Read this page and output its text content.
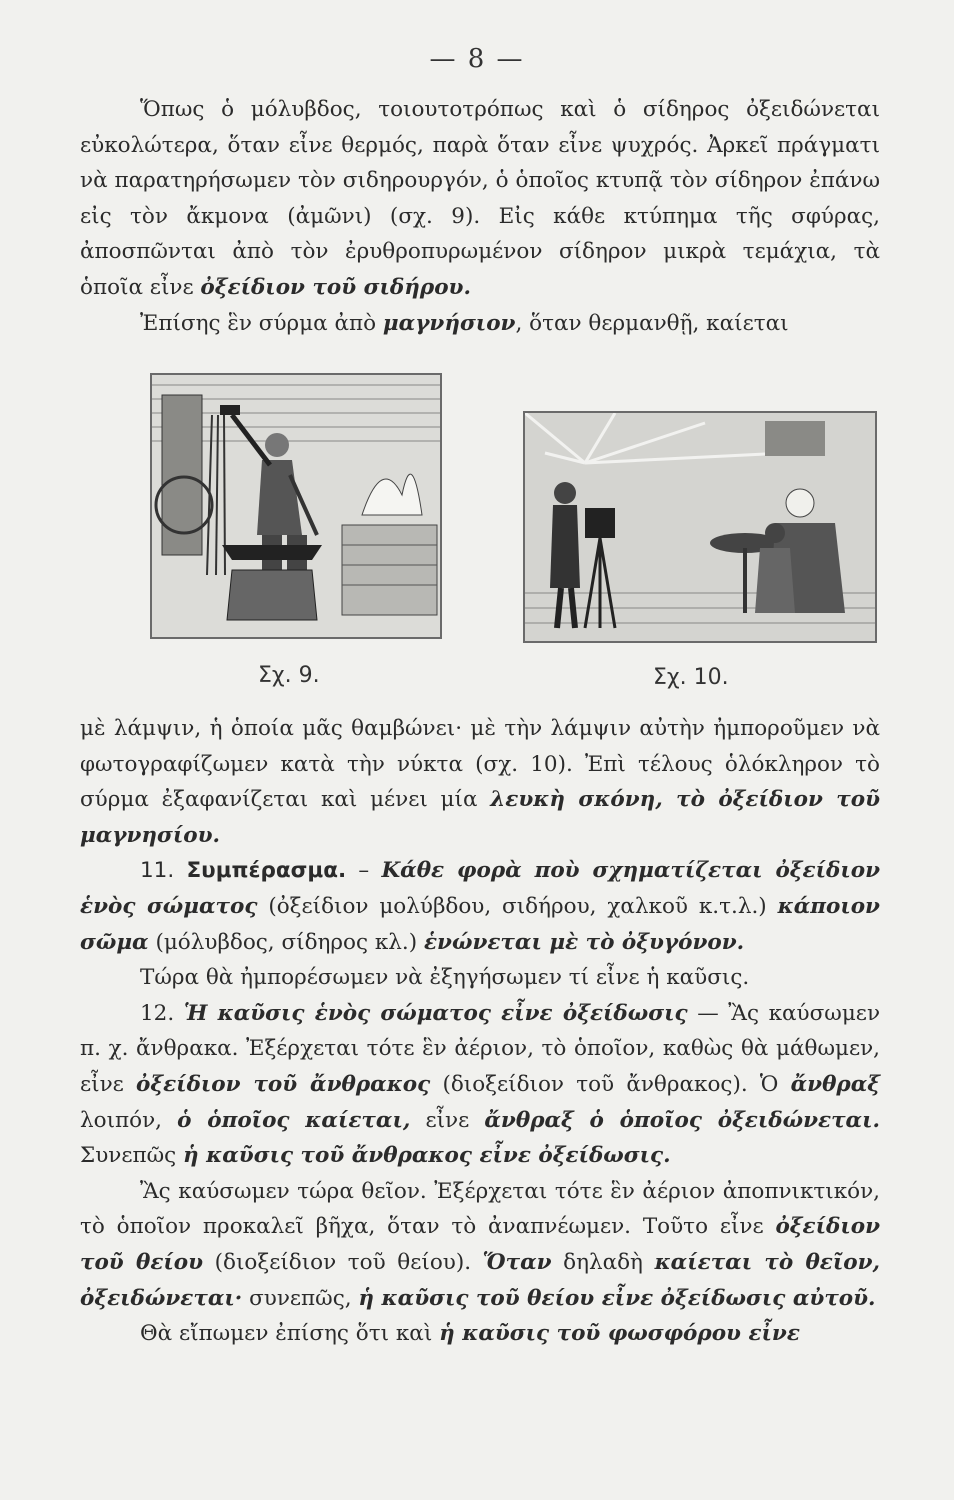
— 8 —

Ὅπως ὁ μόλυβδος, τοιουτοτρόπως καὶ ὁ σίδηρος ὀξειδώνεται εὐκολώτερα, ὅταν εἶνε θερμός, παρὰ ὅταν εἶνε ψυχρός. Ἀρκεῖ πράγματι νὰ παρατηρήσωμεν τὸν σιδηρουργόν, ὁ ὁποῖος κτυπᾷ τὸν σίδηρον ἐπάνω εἰς τὸν ἄκμονα (ἀμῶνι) (σχ. 9). Εἰς κάθε κτύπημα τῆς σφύρας, ἀποσπῶνται ἀπὸ τὸν ἐρυθροπυρωμένον σίδηρον μικρὰ τεμάχια, τὰ ὁποῖα εἶνε ὀξείδιον τοῦ σιδήρου.

Ἐπίσης ἓν σύρμα ἀπὸ μαγνήσιον, ὅταν θερμανθῇ, καίεται

Σχ. 9.	Σχ. 10.

μὲ λάμψιν, ἡ ὁποία μᾶς θαμβώνει· μὲ τὴν λάμψιν αὐτὴν ἠμποροῦμεν νὰ φωτογραφίζωμεν κατὰ τὴν νύκτα (σχ. 10). Ἐπὶ τέλους ὁλόκληρον τὸ σύρμα ἐξαφανίζεται καὶ μένει μία λευκὴ σκόνη, τὸ ὀξείδιον τοῦ μαγνησίου.

11. Συμπέρασμα. – Κάθε φορὰ ποὺ σχηματίζεται ὀξείδιον ἑνὸς σώματος (ὀξείδιον μολύβδου, σιδήρου, χαλκοῦ κ.τ.λ.) κάποιον σῶμα (μόλυβδος, σίδηρος κλ.) ἑνώνεται μὲ τὸ ὀξυγόνον.

Τώρα θὰ ἠμπορέσωμεν νὰ ἐξηγήσωμεν τί εἶνε ἡ καῦσις.

12. Ἡ καῦσις ἑνὸς σώματος εἶνε ὀξείδωσις — Ἂς καύσωμεν π. χ. ἄνθρακα. Ἐξέρχεται τότε ἓν ἀέριον, τὸ ὁποῖον, καθὼς θὰ μάθωμεν, εἶνε ὀξείδιον τοῦ ἄνθρακος (διοξείδιον τοῦ ἄνθρακος). Ὁ ἄνθραξ λοιπόν, ὁ ὁποῖος καίεται, εἶνε ἄνθραξ ὁ ὁποῖος ὀξειδώνεται. Συνεπῶς ἡ καῦσις τοῦ ἄνθρακος εἶνε ὀξείδωσις.

Ἂς καύσωμεν τώρα θεῖον. Ἐξέρχεται τότε ἓν ἀέριον ἀποπνικτικόν, τὸ ὁποῖον προκαλεῖ βῆχα, ὅταν τὸ ἀναπνέωμεν. Τοῦτο εἶνε ὀξείδιον τοῦ θείου (διοξείδιον τοῦ θείου). Ὅταν δηλαδὴ καίεται τὸ θεῖον, ὀξειδώνεται· συνεπῶς, ἡ καῦσις τοῦ θείου εἶνε ὀξείδωσις αὐτοῦ.

Θὰ εἴπωμεν ἐπίσης ὅτι καὶ ἡ καῦσις τοῦ φωσφόρου εἶνε
